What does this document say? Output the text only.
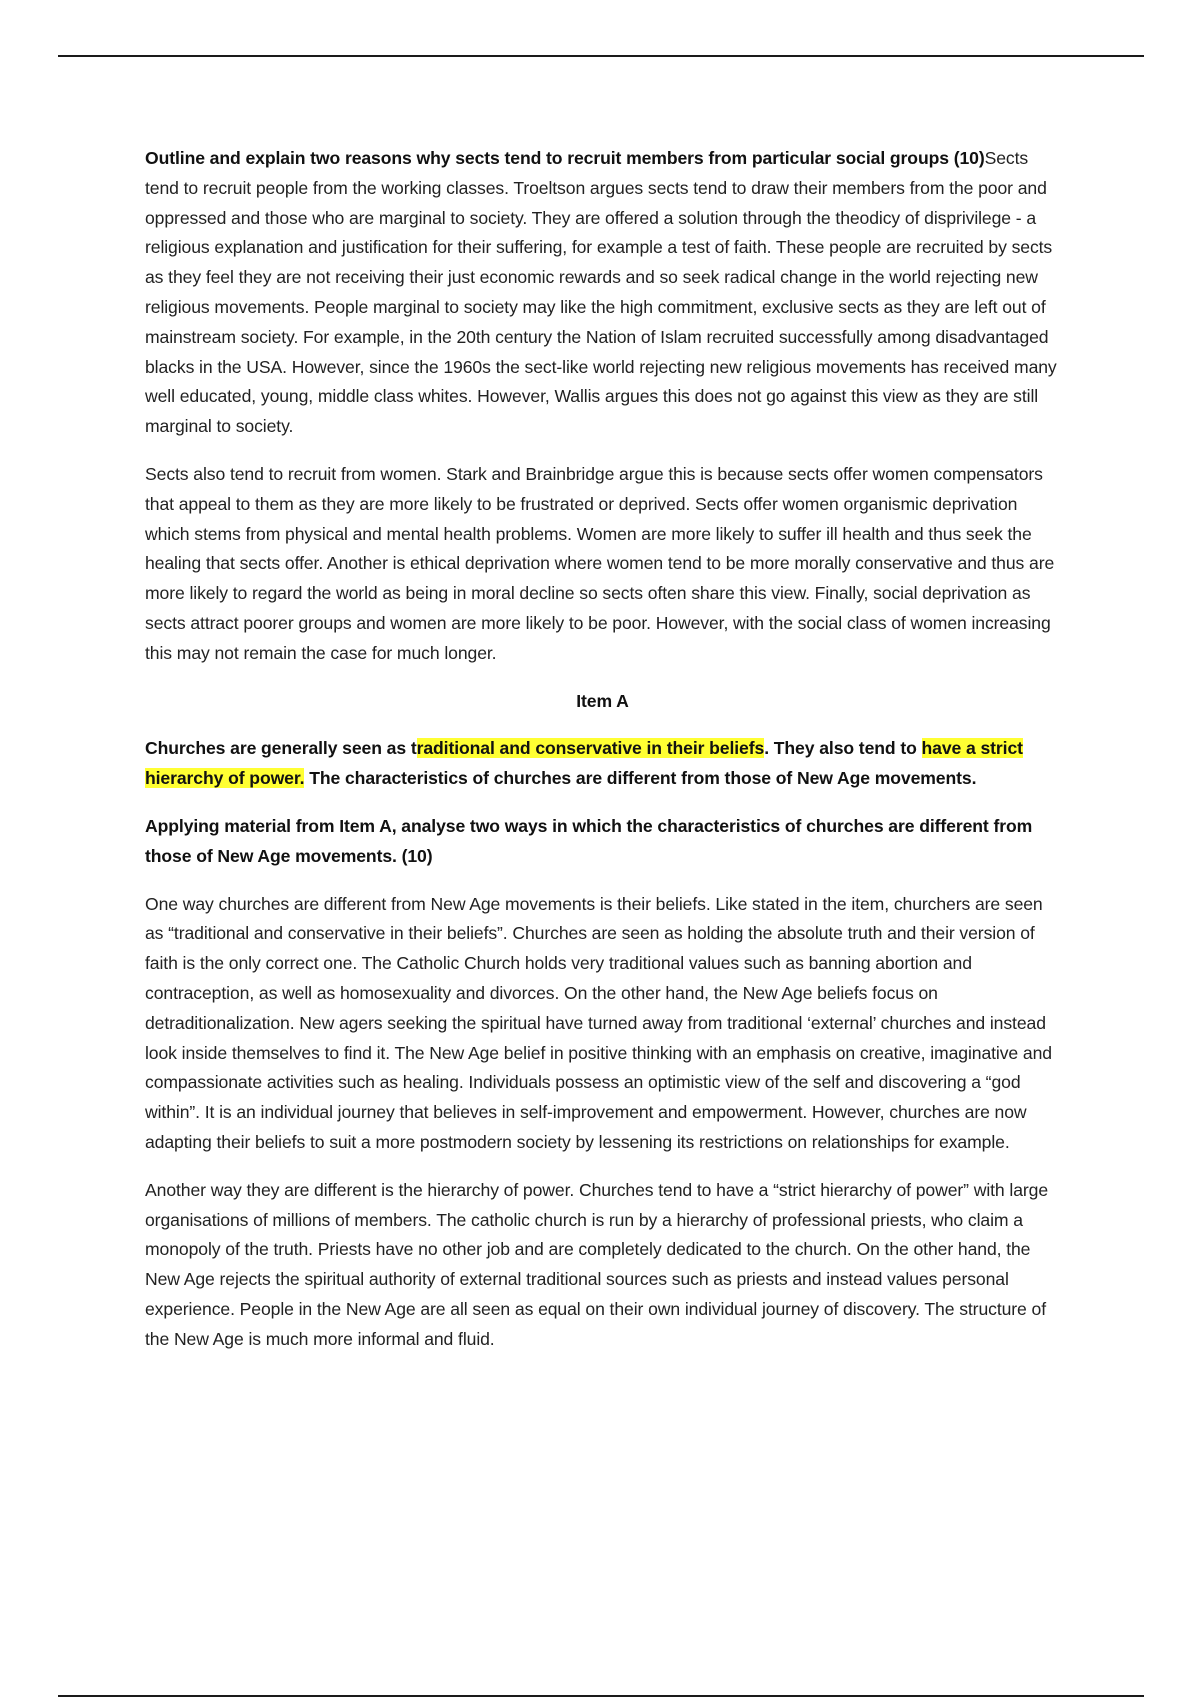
Outline and explain two reasons why sects tend to recruit members from particular social groups (10)Sects tend to recruit people from the working classes. Troeltson argues sects tend to draw their members from the poor and oppressed and those who are marginal to society. They are offered a solution through the theodicy of disprivilege - a religious explanation and justification for their suffering, for example a test of faith. These people are recruited by sects as they feel they are not receiving their just economic rewards and so seek radical change in the world rejecting new religious movements. People marginal to society may like the high commitment, exclusive sects as they are left out of mainstream society. For example, in the 20th century the Nation of Islam recruited successfully among disadvantaged blacks in the USA. However, since the 1960s the sect-like world rejecting new religious movements has received many well educated, young, middle class whites. However, Wallis argues this does not go against this view as they are still marginal to society.

Sects also tend to recruit from women. Stark and Brainbridge argue this is because sects offer women compensators that appeal to them as they are more likely to be frustrated or deprived. Sects offer women organismic deprivation which stems from physical and mental health problems. Women are more likely to suffer ill health and thus seek the healing that sects offer. Another is ethical deprivation where women tend to be more morally conservative and thus are more likely to regard the world as being in moral decline so sects often share this view. Finally, social deprivation as sects attract poorer groups and women are more likely to be poor. However, with the social class of women increasing this may not remain the case for much longer.

Item A

Churches are generally seen as traditional and conservative in their beliefs. They also tend to have a strict hierarchy of power. The characteristics of churches are different from those of New Age movements.

Applying material from Item A, analyse two ways in which the characteristics of churches are different from those of New Age movements. (10)

One way churches are different from New Age movements is their beliefs. Like stated in the item, churchers are seen as “traditional and conservative in their beliefs”. Churches are seen as holding the absolute truth and their version of faith is the only correct one. The Catholic Church holds very traditional values such as banning abortion and contraception, as well as homosexuality and divorces. On the other hand, the New Age beliefs focus on detraditionalization. New agers seeking the spiritual have turned away from traditional ‘external’ churches and instead look inside themselves to find it. The New Age belief in positive thinking with an emphasis on creative, imaginative and compassionate activities such as healing. Individuals possess an optimistic view of the self and discovering a “god within”. It is an individual journey that believes in self-improvement and empowerment. However, churches are now adapting their beliefs to suit a more postmodern society by lessening its restrictions on relationships for example.

Another way they are different is the hierarchy of power. Churches tend to have a “strict hierarchy of power” with large organisations of millions of members. The catholic church is run by a hierarchy of professional priests, who claim a monopoly of the truth. Priests have no other job and are completely dedicated to the church. On the other hand, the New Age rejects the spiritual authority of external traditional sources such as priests and instead values personal experience. People in the New Age are all seen as equal on their own individual journey of discovery. The structure of the New Age is much more informal and fluid.
